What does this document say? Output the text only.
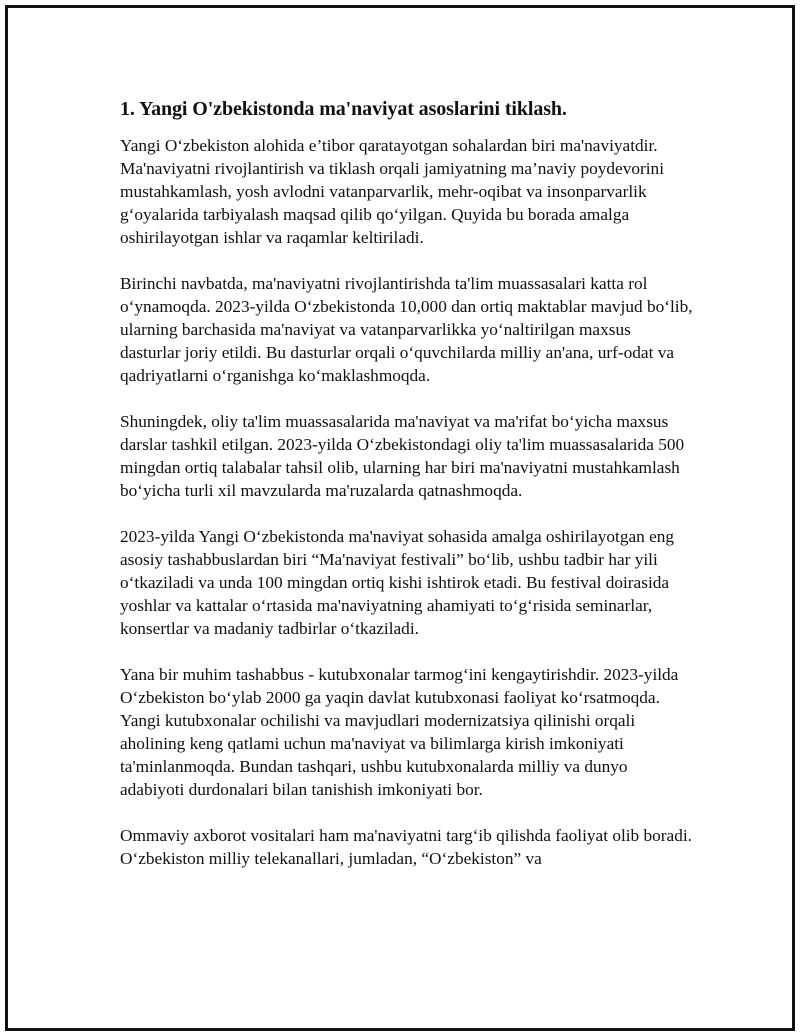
1. Yangi O'zbekistonda ma'naviyat asoslarini tiklash.

Yangi O‘zbekiston alohida e’tibor qaratayotgan sohalardan biri ma'naviyatdir. Ma'naviyatni rivojlantirish va tiklash orqali jamiyatning ma’naviy poydevorini mustahkamlash, yosh avlodni vatanparvarlik, mehr-oqibat va insonparvarlik g‘oyalarida tarbiyalash maqsad qilib qo‘yilgan. Quyida bu borada amalga oshirilayotgan ishlar va raqamlar keltiriladi.

Birinchi navbatda, ma'naviyatni rivojlantirishda ta'lim muassasalari katta rol o‘ynamoqda. 2023-yilda O‘zbekistonda 10,000 dan ortiq maktablar mavjud bo‘lib, ularning barchasida ma'naviyat va vatanparvarlikka yo‘naltirilgan maxsus dasturlar joriy etildi. Bu dasturlar orqali o‘quvchilarda milliy an'ana, urf-odat va qadriyatlarni o‘rganishga ko‘maklashmoqda.

Shuningdek, oliy ta'lim muassasalarida ma'naviyat va ma'rifat bo‘yicha maxsus darslar tashkil etilgan. 2023-yilda O‘zbekistondagi oliy ta'lim muassasalarida 500 mingdan ortiq talabalar tahsil olib, ularning har biri ma'naviyatni mustahkamlash bo‘yicha turli xil mavzularda ma'ruzalarda qatnashmoqda.

2023-yilda Yangi O‘zbekistonda ma'naviyat sohasida amalga oshirilayotgan eng asosiy tashabbuslardan biri “Ma'naviyat festivali” bo‘lib, ushbu tadbir har yili o‘tkaziladi va unda 100 mingdan ortiq kishi ishtirok etadi. Bu festival doirasida yoshlar va kattalar o‘rtasida ma'naviyatning ahamiyati to‘g‘risida seminarlar, konsertlar va madaniy tadbirlar o‘tkaziladi.

Yana bir muhim tashabbus - kutubxonalar tarmog‘ini kengaytirishdir. 2023-yilda O‘zbekiston bo‘ylab 2000 ga yaqin davlat kutubxonasi faoliyat ko‘rsatmoqda. Yangi kutubxonalar ochilishi va mavjudlari modernizatsiya qilinishi orqali aholining keng qatlami uchun ma'naviyat va bilimlarga kirish imkoniyati ta'minlanmoqda. Bundan tashqari, ushbu kutubxonalarda milliy va dunyo adabiyoti durdonalari bilan tanishish imkoniyati bor.

Ommaviy axborot vositalari ham ma'naviyatni targ‘ib qilishda faoliyat olib boradi. O‘zbekiston milliy telekanallari, jumladan, “O‘zbekiston” va
